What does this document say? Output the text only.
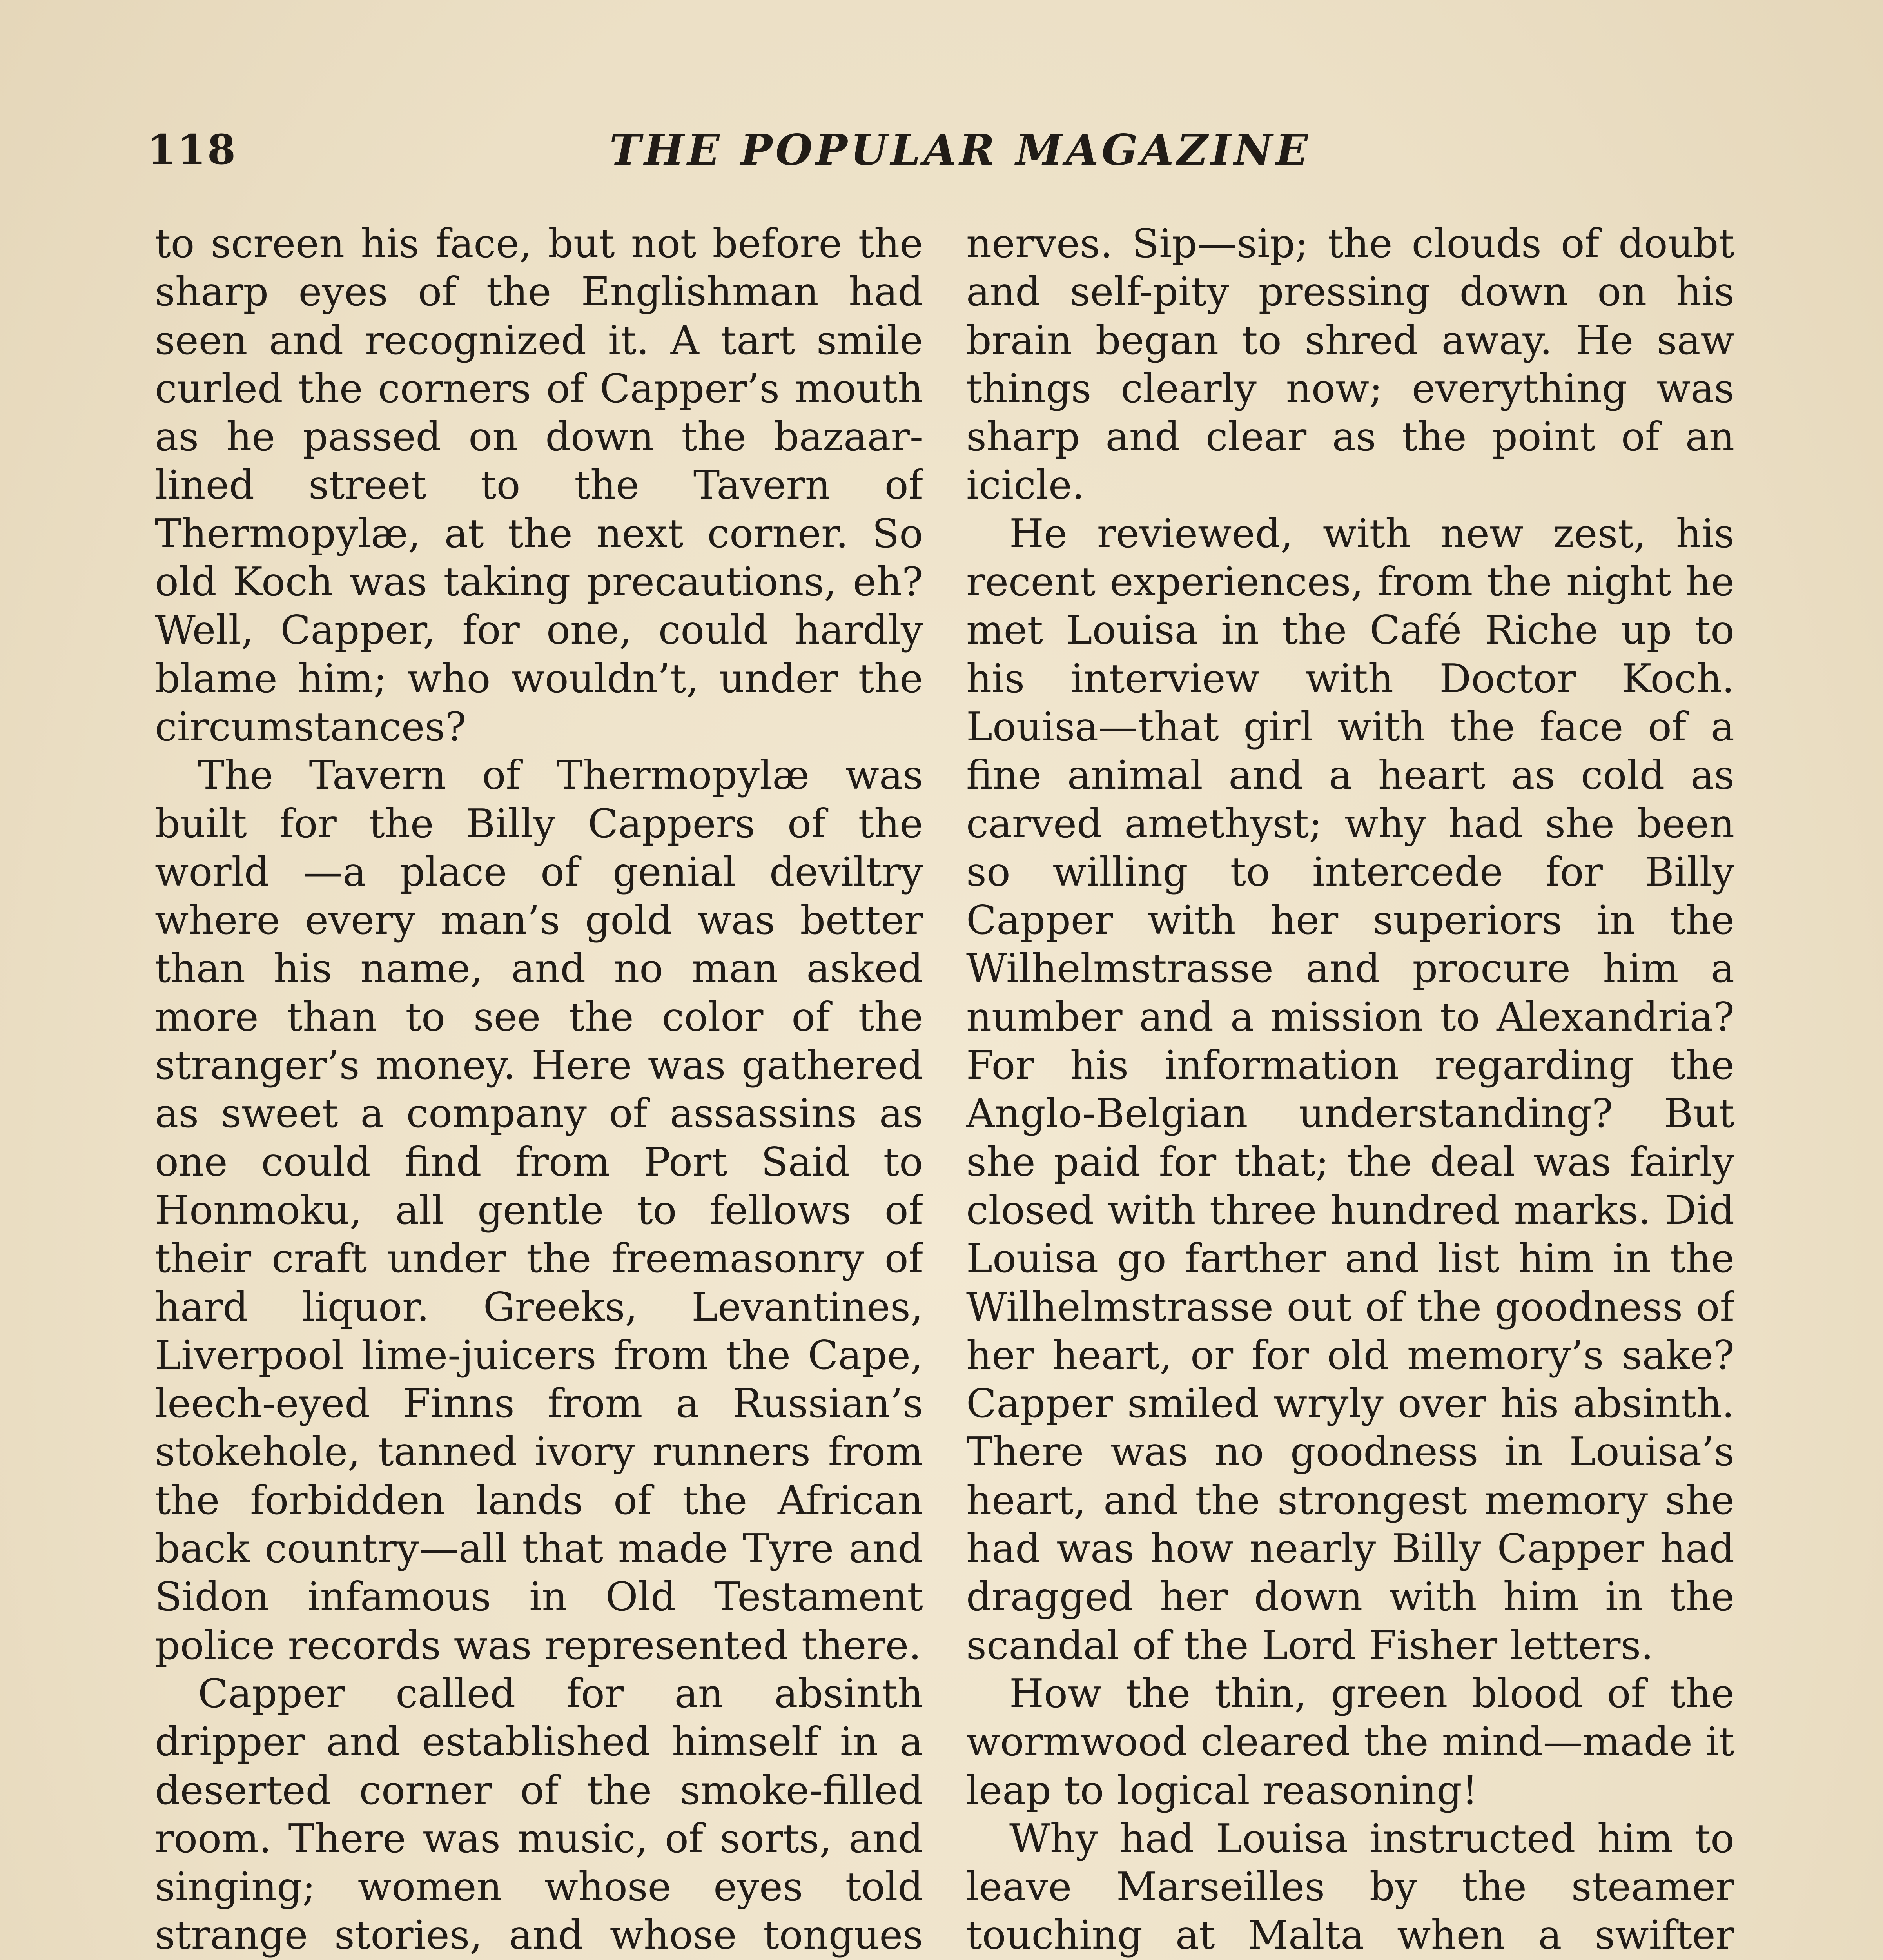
118	THE POPULAR MAGAZINE

to screen his face, but not before the sharp eyes of the Englishman had seen and recognized it. A tart smile curled the corners of Capper’s mouth as he passed on down the bazaar-lined street to the Tavern of Thermopylæ, at the next corner. So old Koch was taking precautions, eh? Well, Capper, for one, could hardly blame him; who wouldn’t, under the circumstances?

The Tavern of Thermopylæ was built for the Billy Cappers of the world —a place of genial deviltry where every man’s gold was better than his name, and no man asked more than to see the color of the stranger’s money. Here was gathered as sweet a company of assassins as one could find from Port Said to Honmoku, all gentle to fellows of their craft under the freemasonry of hard liquor. Greeks, Levantines, Liverpool lime-juicers from the Cape, leech-eyed Finns from a Russian’s stokehole, tanned ivory runners from the forbidden lands of the African back country—all that made Tyre and Sidon infamous in Old Testament police records was represented there.

Capper called for an absinth dripper and established himself in a deserted corner of the smoke-filled room. There was music, of sorts, and singing; women whose eyes told strange stories, and whose tongues

nerves. Sip—sip; the clouds of doubt and self-pity pressing down on his brain began to shred away. He saw things clearly now; everything was sharp and clear as the point of an icicle.

He reviewed, with new zest, his recent experiences, from the night he met Louisa in the Café Riche up to his interview with Doctor Koch. Louisa—that girl with the face of a fine animal and a heart as cold as carved amethyst; why had she been so willing to intercede for Billy Capper with her superiors in the Wilhelmstrasse and procure him a number and a mission to Alexandria? For his information regarding the Anglo-Belgian understanding? But she paid for that; the deal was fairly closed with three hundred marks. Did Louisa go farther and list him in the Wilhelmstrasse out of the goodness of her heart, or for old memory’s sake? Capper smiled wryly over his absinth. There was no goodness in Louisa’s heart, and the strongest memory she had was how nearly Billy Capper had dragged her down with him in the scandal of the Lord Fisher letters.

How the thin, green blood of the wormwood cleared the mind—made it leap to logical reasoning!

Why had Louisa instructed him to leave Marseilles by the steamer touching at Malta when a swifter
